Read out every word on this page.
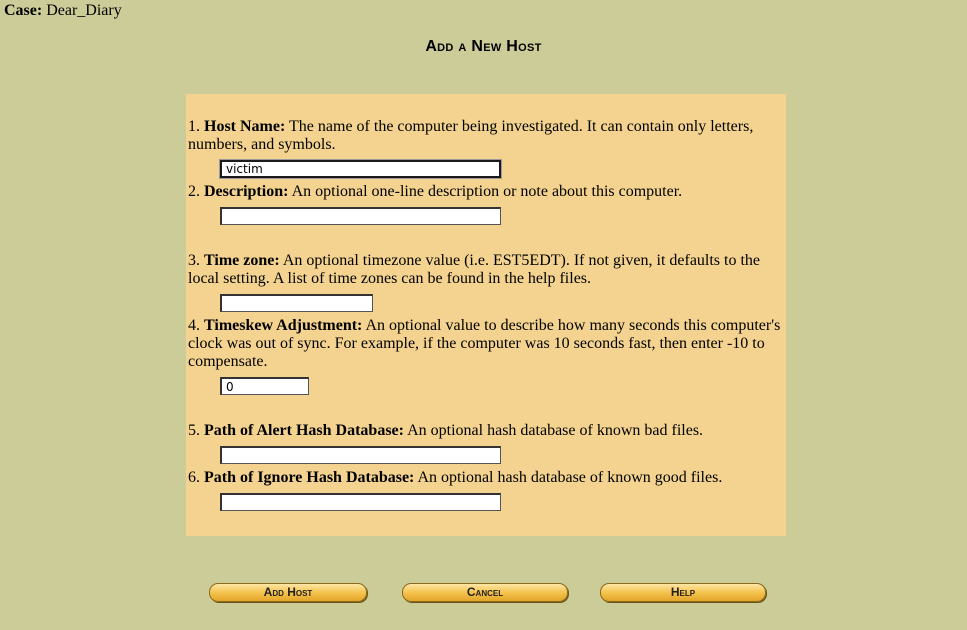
Case: Dear_Diary
Add a New Host
1. Host Name: The name of the computer being investigated. It can contain only letters, numbers, and symbols.
victim
2. Description: An optional one-line description or note about this computer.
3. Time zone: An optional timezone value (i.e. EST5EDT). If not given, it defaults to the local setting. A list of time zones can be found in the help files.
4. Timeskew Adjustment: An optional value to describe how many seconds this computer's clock was out of sync. For example, if the computer was 10 seconds fast, then enter -10 to compensate.
0
5. Path of Alert Hash Database: An optional hash database of known bad files.
6. Path of Ignore Hash Database: An optional hash database of known good files.
Add Host	Cancel	Help
